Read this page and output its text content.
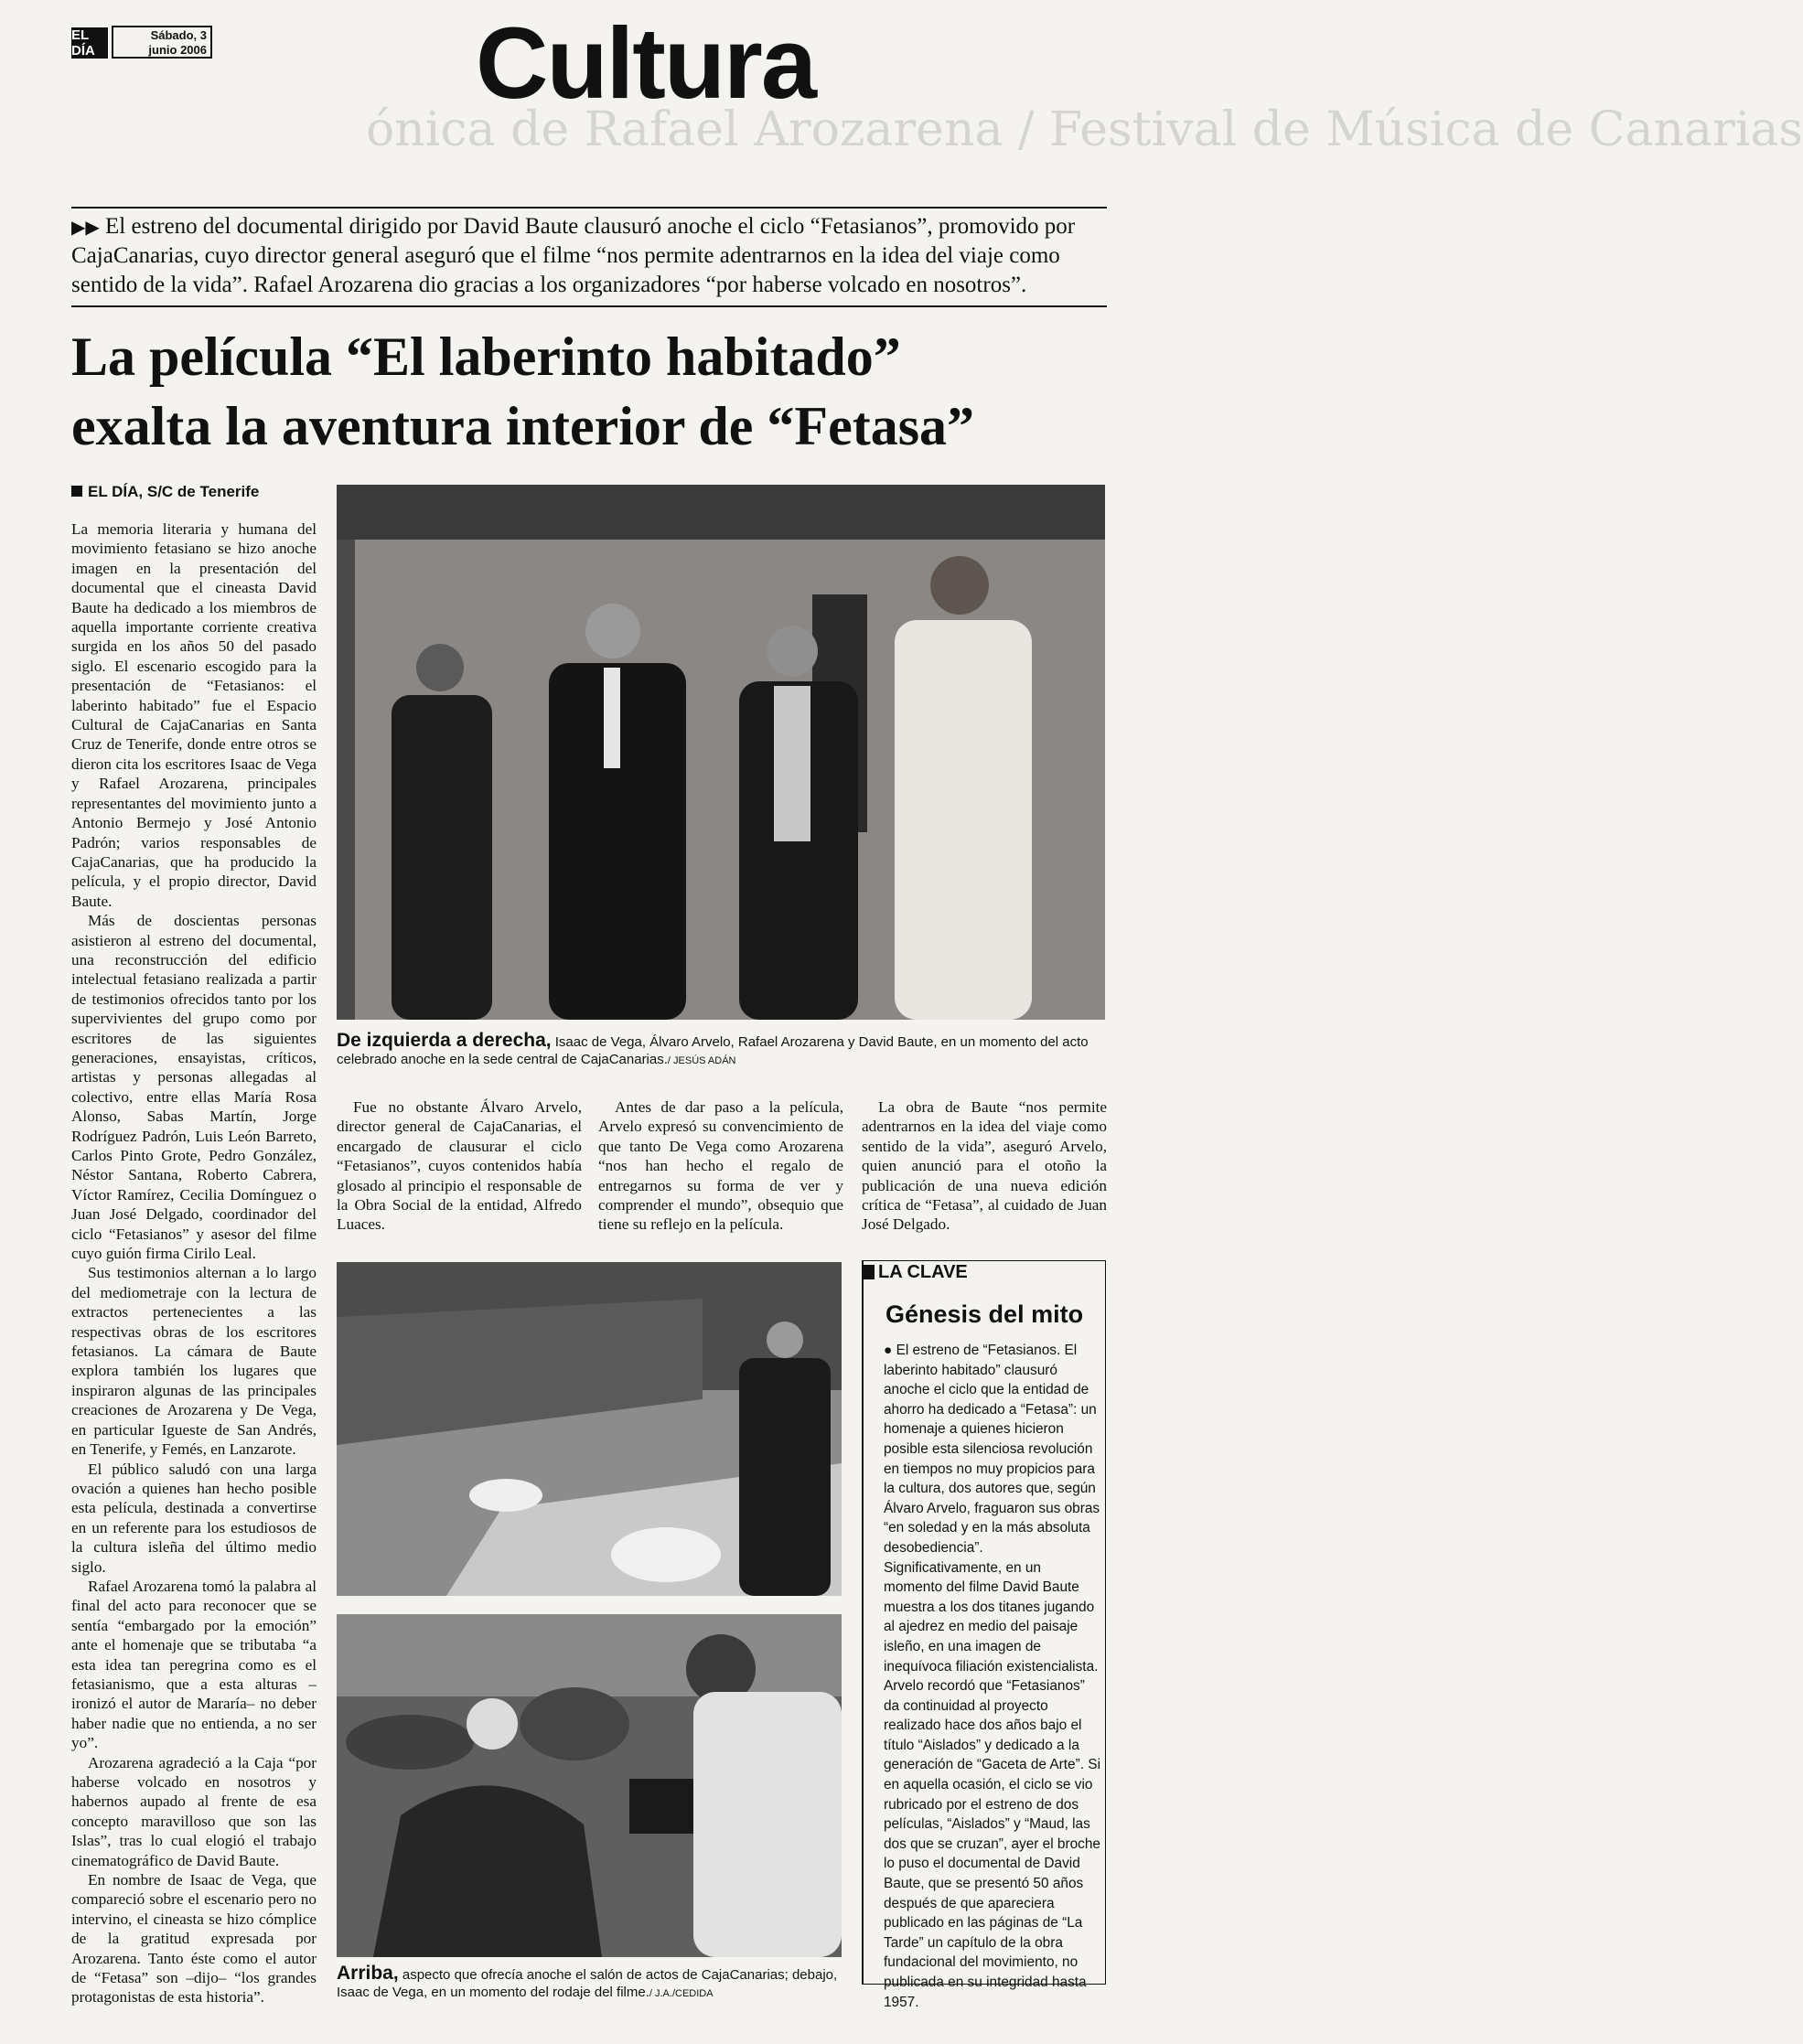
EL DÍA
Sábado, 3
junio 2006
ónica de Rafael Arozarena / Festival de Música de Canarias
Cultura
▶▶ El estreno del documental dirigido por David Baute clausuró anoche el ciclo “Fetasianos”, promovido por CajaCanarias, cuyo director general aseguró que el filme “nos permite adentrarnos en la idea del viaje como sentido de la vida”. Rafael Arozarena dio gracias a los organizadores “por haberse volcado en nosotros”.
La película “El laberinto habitado”
exalta la aventura interior de “Fetasa”
EL DÍA, S/C de Tenerife

La memoria literaria y humana del movimiento fetasiano se hizo anoche imagen en la presentación del documental que el cineasta David Baute ha dedicado a los miembros de aquella importante corriente creativa surgida en los años 50 del pasado siglo. El escenario escogido para la presentación de “Fetasianos: el laberinto habitado” fue el Espacio Cultural de CajaCanarias en Santa Cruz de Tenerife, donde entre otros se dieron cita los escritores Isaac de Vega y Rafael Arozarena, principales representantes del movimiento junto a Antonio Bermejo y José Antonio Padrón; varios responsables de CajaCanarias, que ha producido la película, y el propio director, David Baute.

Más de doscientas personas asistieron al estreno del documental, una reconstrucción del edificio intelectual fetasiano realizada a partir de testimonios ofrecidos tanto por los supervivientes del grupo como por escritores de las siguientes generaciones, ensayistas, críticos, artistas y personas allegadas al colectivo, entre ellas María Rosa Alonso, Sabas Martín, Jorge Rodríguez Padrón, Luis León Barreto, Carlos Pinto Grote, Pedro González, Néstor Santana, Roberto Cabrera, Víctor Ramírez, Cecilia Domínguez o Juan José Delgado, coordinador del ciclo “Fetasianos” y asesor del filme cuyo guión firma Cirilo Leal.

Sus testimonios alternan a lo largo del mediometraje con la lectura de extractos pertenecientes a las respectivas obras de los escritores fetasianos. La cámara de Baute explora también los lugares que inspiraron algunas de las principales creaciones de Arozarena y De Vega, en particular Igueste de San Andrés, en Tenerife, y Femés, en Lanzarote.

El público saludó con una larga ovación a quienes han hecho posible esta película, destinada a convertirse en un referente para los estudiosos de la cultura isleña del último medio siglo.

Rafael Arozarena tomó la palabra al final del acto para reconocer que se sentía “embargado por la emoción” ante el homenaje que se tributaba “a esta idea tan peregrina como es el fetasianismo, que a esta alturas –ironizó el autor de Mararía– no deber haber nadie que no entienda, a no ser yo”.

Arozarena agradeció a la Caja “por haberse volcado en nosotros y habernos aupado al frente de esa concepto maravilloso que son las Islas”, tras lo cual elogió el trabajo cinematográfico de David Baute.

En nombre de Isaac de Vega, que compareció sobre el escenario pero no intervino, el cineasta se hizo cómplice de la gratitud expresada por Arozarena. Tanto éste como el autor de “Fetasa” son –dijo– “los grandes protagonistas de esta historia”.

De izquierda a derecha, Isaac de Vega, Álvaro Arvelo, Rafael Arozarena y David Baute, en un momento del acto celebrado anoche en la sede central de CajaCanarias./ JESÚS ADÁN

Fue no obstante Álvaro Arvelo, director general de CajaCanarias, el encargado de clausurar el ciclo “Fetasianos”, cuyos contenidos había glosado al principio el responsable de la Obra Social de la entidad, Alfredo Luaces.

Antes de dar paso a la película, Arvelo expresó su convencimiento de que tanto De Vega como Arozarena “nos han hecho el regalo de entregarnos su forma de ver y comprender el mundo”, obsequio que tiene su reflejo en la película.

La obra de Baute “nos permite adentrarnos en la idea del viaje como sentido de la vida”, aseguró Arvelo, quien anunció para el otoño la publicación de una nueva edición crítica de “Fetasa”, al cuidado de Juan José Delgado.

Arriba, aspecto que ofrecía anoche el salón de actos de CajaCanarias; debajo, Isaac de Vega, en un momento del rodaje del filme./ J.A./CEDIDA
LA CLAVE
Génesis del mito
● El estreno de “Fetasianos. El laberinto habitado” clausuró anoche el ciclo que la entidad de ahorro ha dedicado a “Fetasa”: un homenaje a quienes hicieron posible esta silenciosa revolución en tiempos no muy propicios para la cultura, dos autores que, según Álvaro Arvelo, fraguaron sus obras “en soledad y en la más absoluta desobediencia”. Significativamente, en un momento del filme David Baute muestra a los dos titanes jugando al ajedrez en medio del paisaje isleño, en una imagen de inequívoca filiación existencialista. Arvelo recordó que “Fetasianos” da continuidad al proyecto realizado hace dos años bajo el título “Aislados” y dedicado a la generación de “Gaceta de Arte”. Si en aquella ocasión, el ciclo se vio rubricado por el estreno de dos películas, “Aislados” y “Maud, las dos que se cruzan”, ayer el broche lo puso el documental de David Baute, que se presentó 50 años después de que apareciera publicado en las páginas de “La Tarde” un capítulo de la obra fundacional del movimiento, no publicada en su integridad hasta 1957.
